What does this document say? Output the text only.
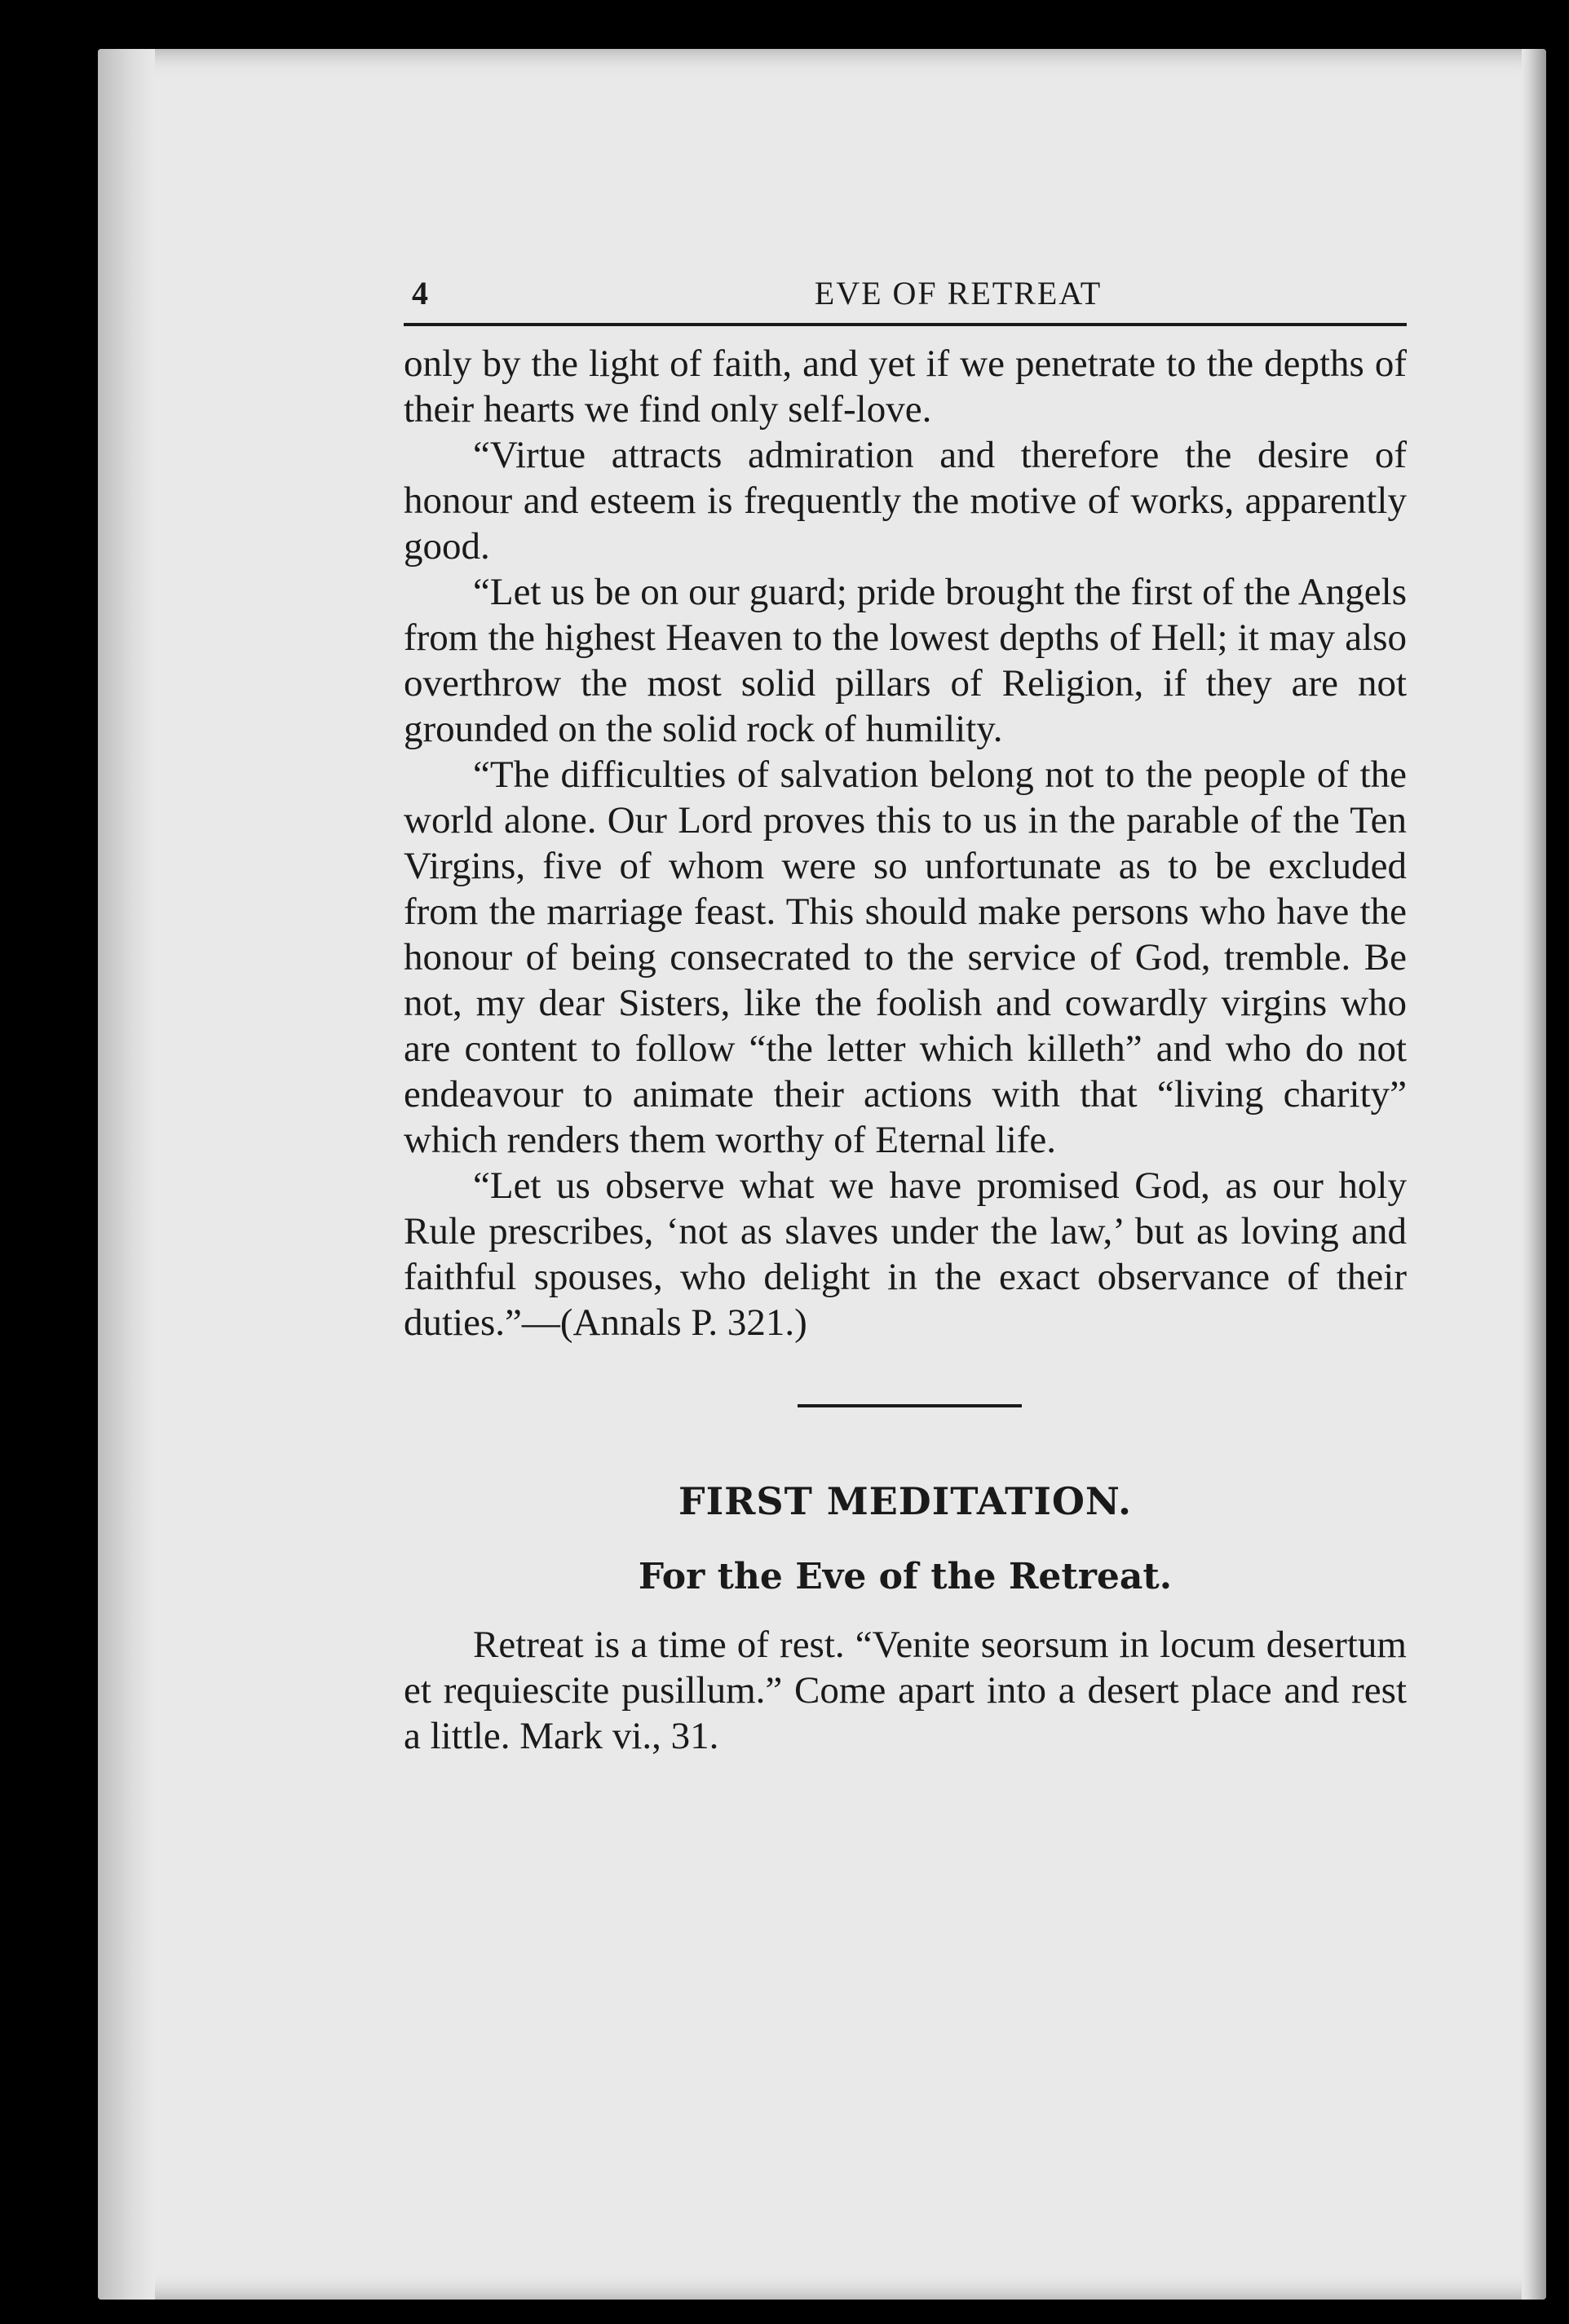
4	EVE OF RETREAT

only by the light of faith, and yet if we penetrate to the depths of their hearts we find only self-love.

“Virtue attracts admiration and therefore the desire of honour and esteem is frequently the motive of works, apparently good.

“Let us be on our guard; pride brought the first of the Angels from the highest Heaven to the lowest depths of Hell; it may also overthrow the most solid pillars of Religion, if they are not grounded on the solid rock of humility.

“The difficulties of salvation belong not to the people of the world alone. Our Lord proves this to us in the parable of the Ten Virgins, five of whom were so unfortunate as to be excluded from the marriage feast. This should make persons who have the honour of being consecrated to the service of God, tremble. Be not, my dear Sisters, like the foolish and cowardly virgins who are content to follow “the letter which killeth” and who do not endeavour to animate their actions with that “living charity” which renders them worthy of Eternal life.

“Let us observe what we have promised God, as our holy Rule prescribes, ‘not as slaves under the law,’ but as loving and faithful spouses, who delight in the exact observance of their duties.”—(Annals P. 321.)

FIRST MEDITATION.
For the Eve of the Retreat.

Retreat is a time of rest. “Venite seorsum in locum desertum et requiescite pusillum.” Come apart into a desert place and rest a little. Mark vi., 31.
